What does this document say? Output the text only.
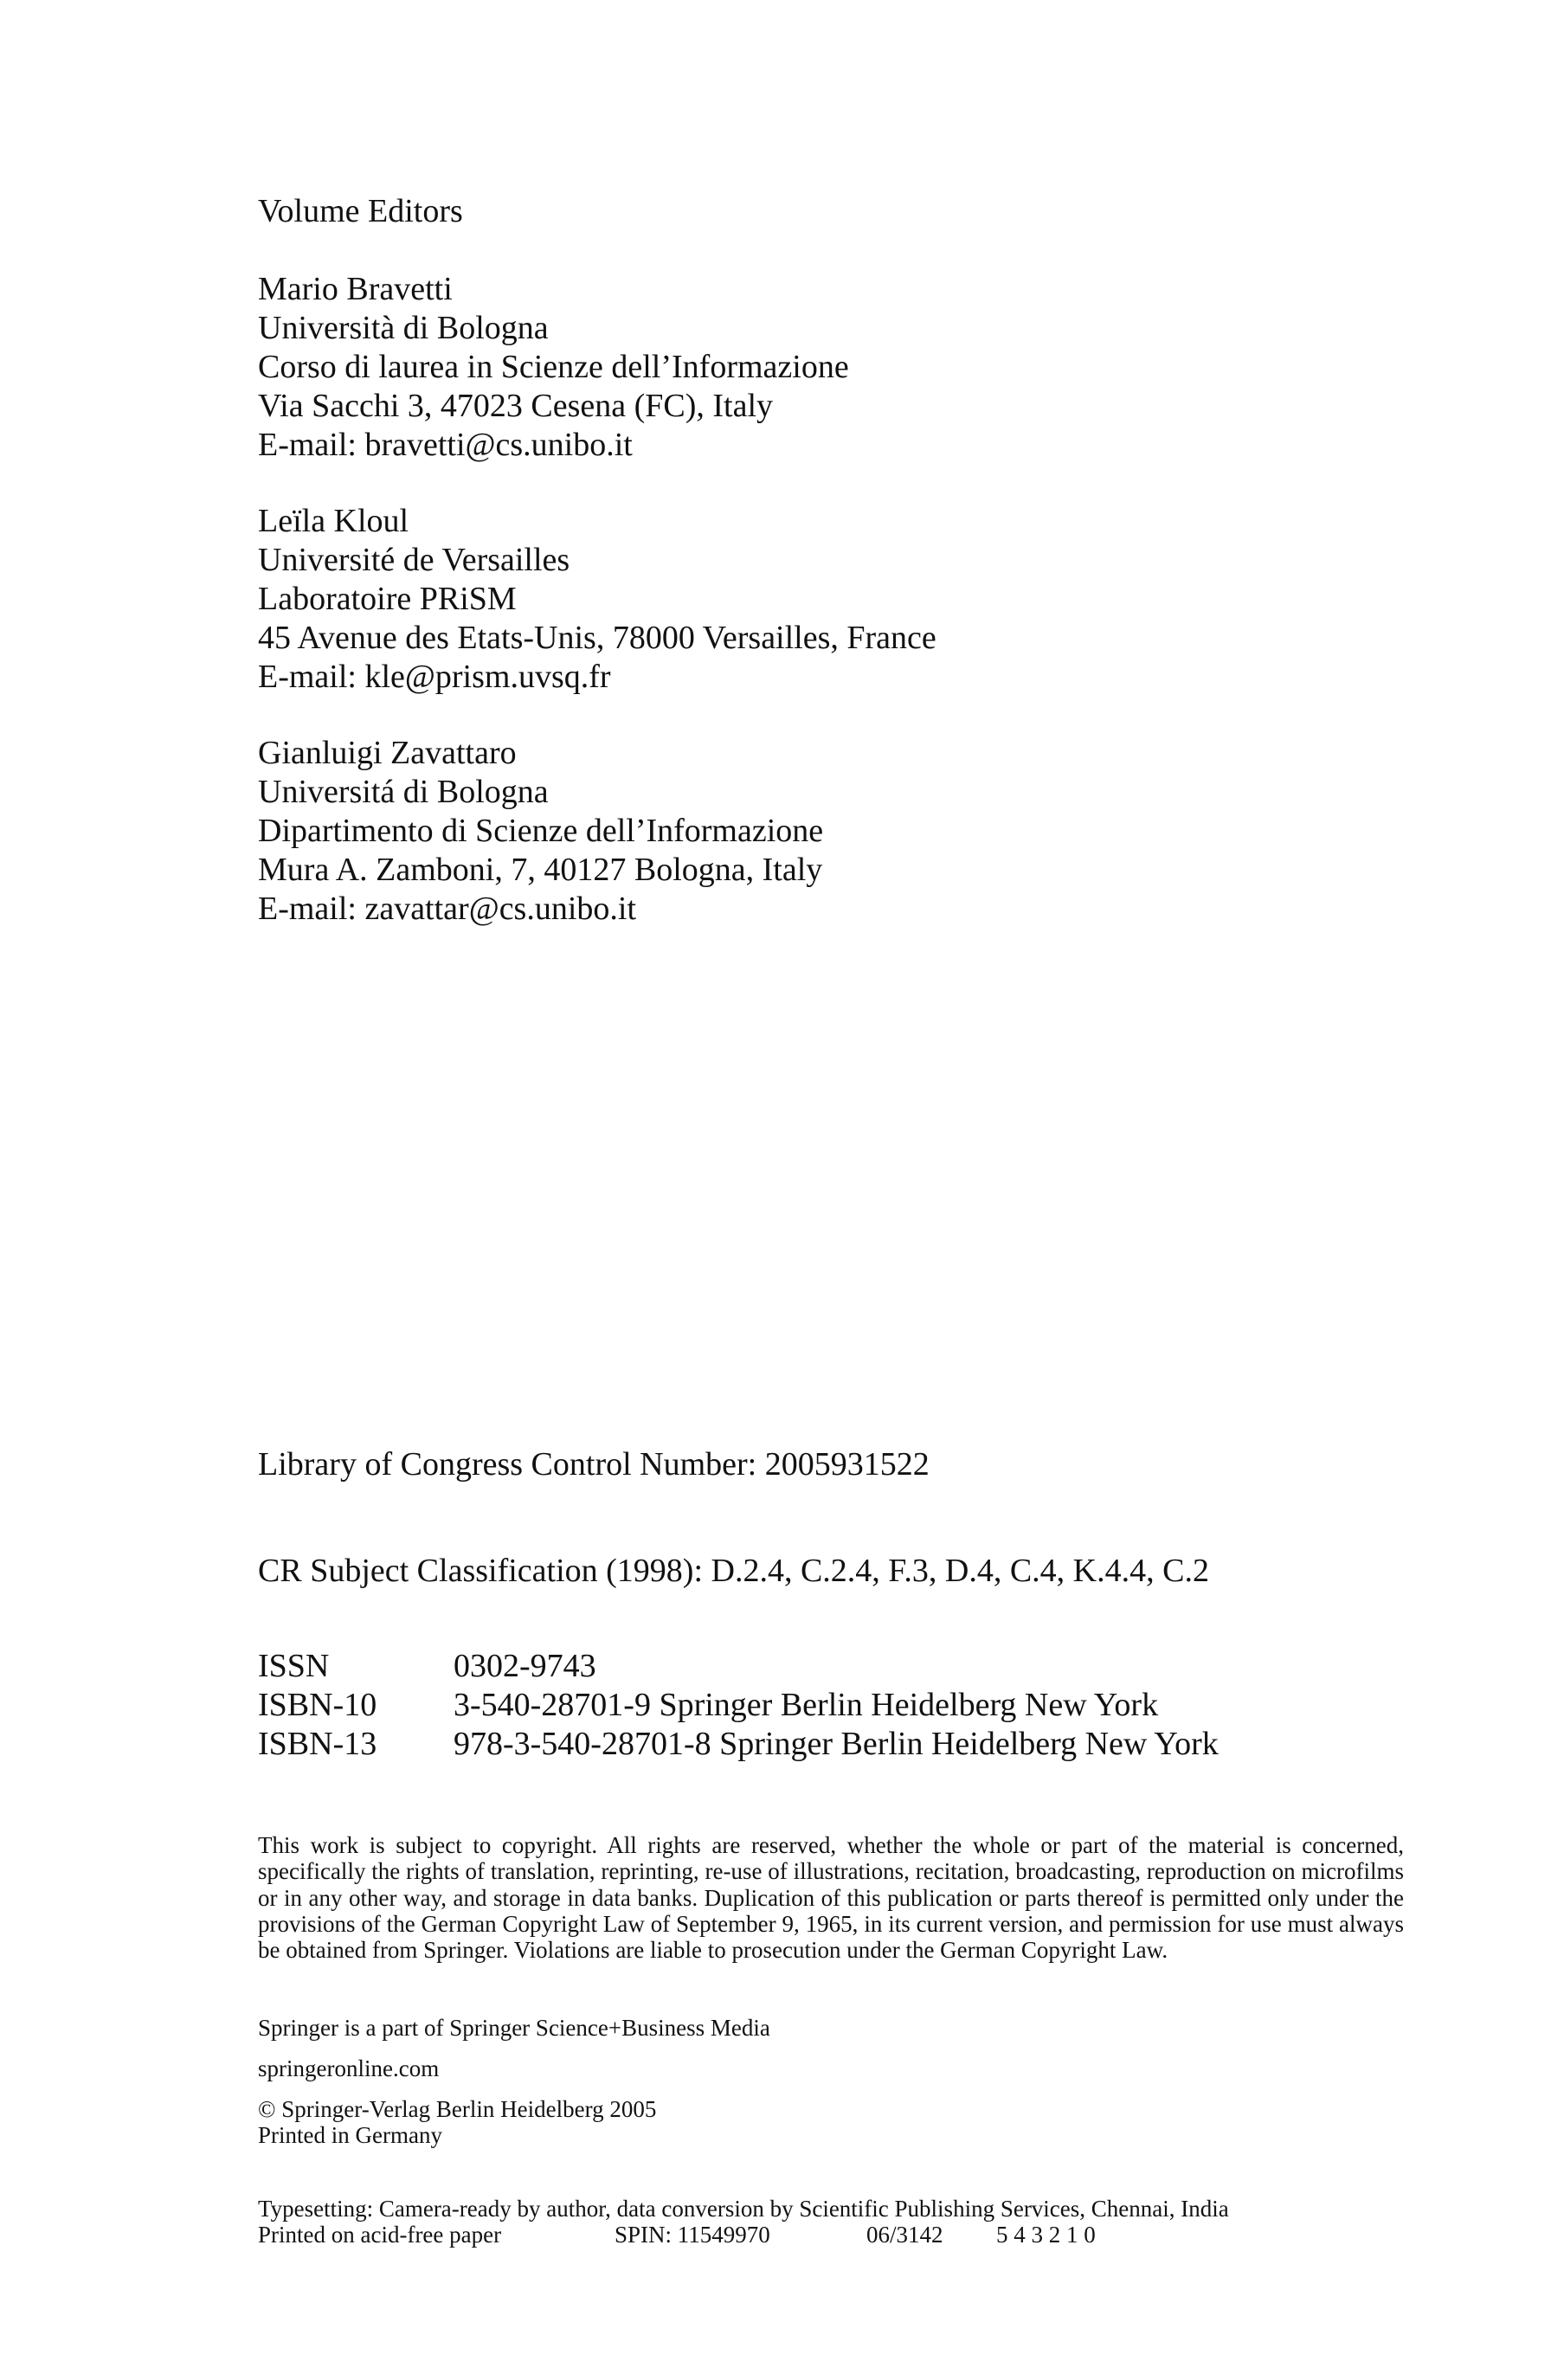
Volume Editors
Mario Bravetti
Università di Bologna
Corso di laurea in Scienze dell’Informazione
Via Sacchi 3, 47023 Cesena (FC), Italy
E-mail: bravetti@cs.unibo.it
Leïla Kloul
Université de Versailles
Laboratoire PRiSM
45 Avenue des Etats-Unis, 78000 Versailles, France
E-mail: kle@prism.uvsq.fr
Gianluigi Zavattaro
Universitá di Bologna
Dipartimento di Scienze dell’Informazione
Mura A. Zamboni, 7, 40127 Bologna, Italy
E-mail: zavattar@cs.unibo.it
Library of Congress Control Number: 2005931522
CR Subject Classification (1998): D.2.4, C.2.4, F.3, D.4, C.4, K.4.4, C.2
ISSN	0302-9743
ISBN-10	3-540-28701-9 Springer Berlin Heidelberg New York
ISBN-13	978-3-540-28701-8 Springer Berlin Heidelberg New York

This work is subject to copyright. All rights are reserved, whether the whole or part of the material is concerned, specifically the rights of translation, reprinting, re-use of illustrations, recitation, broadcasting, reproduction on microfilms or in any other way, and storage in data banks. Duplication of this publication or parts thereof is permitted only under the provisions of the German Copyright Law of September 9, 1965, in its current version, and permission for use must always be obtained from Springer. Violations are liable to prosecution under the German Copyright Law.

Springer is a part of Springer Science+Business Media
springeronline.com
© Springer-Verlag Berlin Heidelberg 2005
Printed in Germany
Typesetting: Camera-ready by author, data conversion by Scientific Publishing Services, Chennai, India
Printed on acid-free paper	SPIN: 11549970	06/3142	5 4 3 2 1 0
